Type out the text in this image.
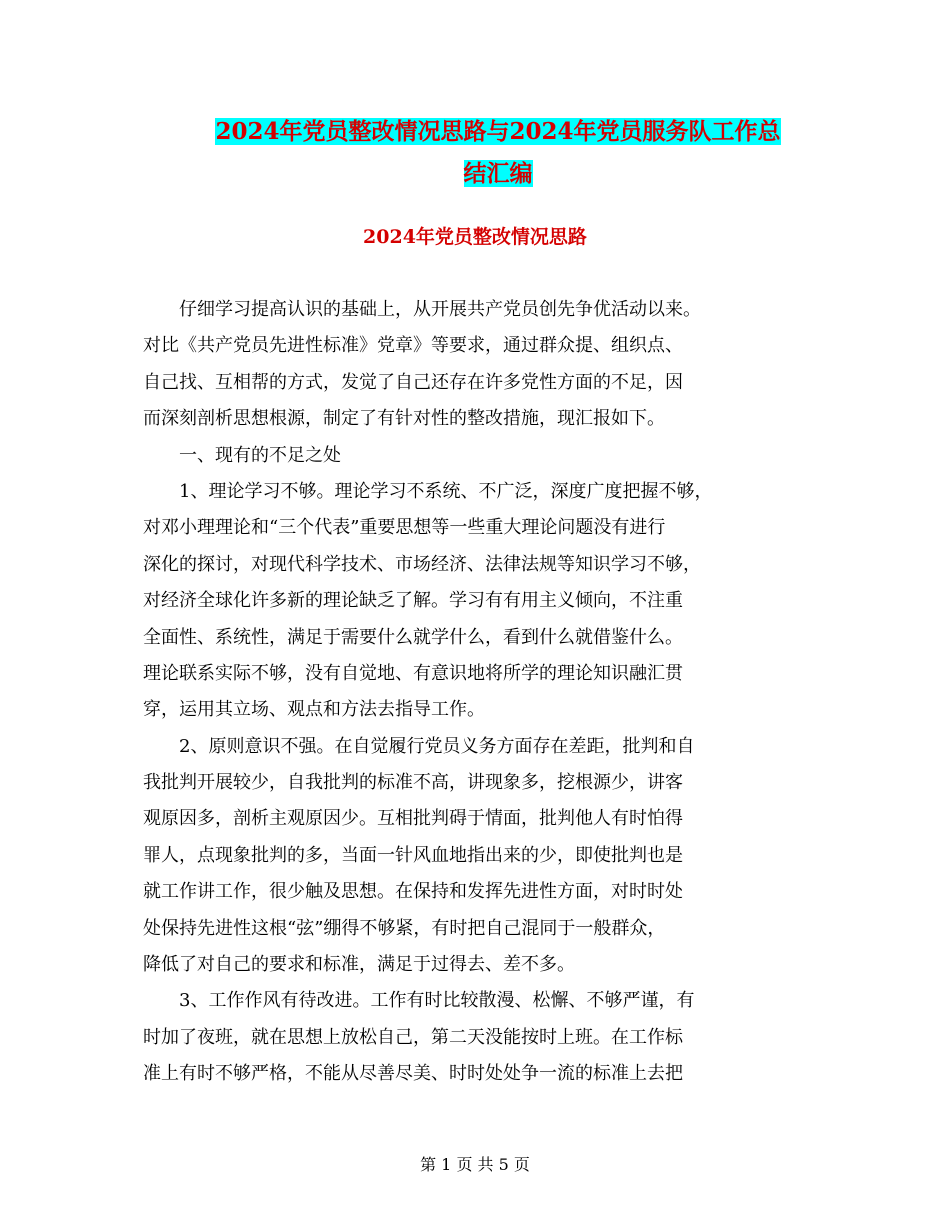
2024年党员整改情况思路与2024年党员服务队工作总
结汇编
2024年党员整改情况思路

仔细学习提高认识的基础上，从开展共产党员创先争优活动以来。

对比《共产党员先进性标准》党章》等要求，通过群众提、组织点、

自己找、互相帮的方式，发觉了自己还存在许多党性方面的不足，因

而深刻剖析思想根源，制定了有针对性的整改措施，现汇报如下。

一、现有的不足之处

1、理论学习不够。理论学习不系统、不广泛，深度广度把握不够，

对邓小理理论和“三个代表”重要思想等一些重大理论问题没有进行

深化的探讨，对现代科学技术、市场经济、法律法规等知识学习不够，

对经济全球化许多新的理论缺乏了解。学习有有用主义倾向，不注重

全面性、系统性，满足于需要什么就学什么，看到什么就借鉴什么。

理论联系实际不够，没有自觉地、有意识地将所学的理论知识融汇贯

穿，运用其立场、观点和方法去指导工作。

2、原则意识不强。在自觉履行党员义务方面存在差距，批判和自

我批判开展较少，自我批判的标准不高，讲现象多，挖根源少，讲客

观原因多，剖析主观原因少。互相批判碍于情面，批判他人有时怕得

罪人，点现象批判的多，当面一针风血地指出来的少，即使批判也是

就工作讲工作，很少触及思想。在保持和发挥先进性方面，对时时处

处保持先进性这根“弦”绷得不够紧，有时把自己混同于一般群众，

降低了对自己的要求和标准，满足于过得去、差不多。

3、工作作风有待改进。工作有时比较散漫、松懈、不够严谨，有

时加了夜班，就在思想上放松自己，第二天没能按时上班。在工作标

准上有时不够严格，不能从尽善尽美、时时处处争一流的标准上去把

第 1 页 共 5 页
